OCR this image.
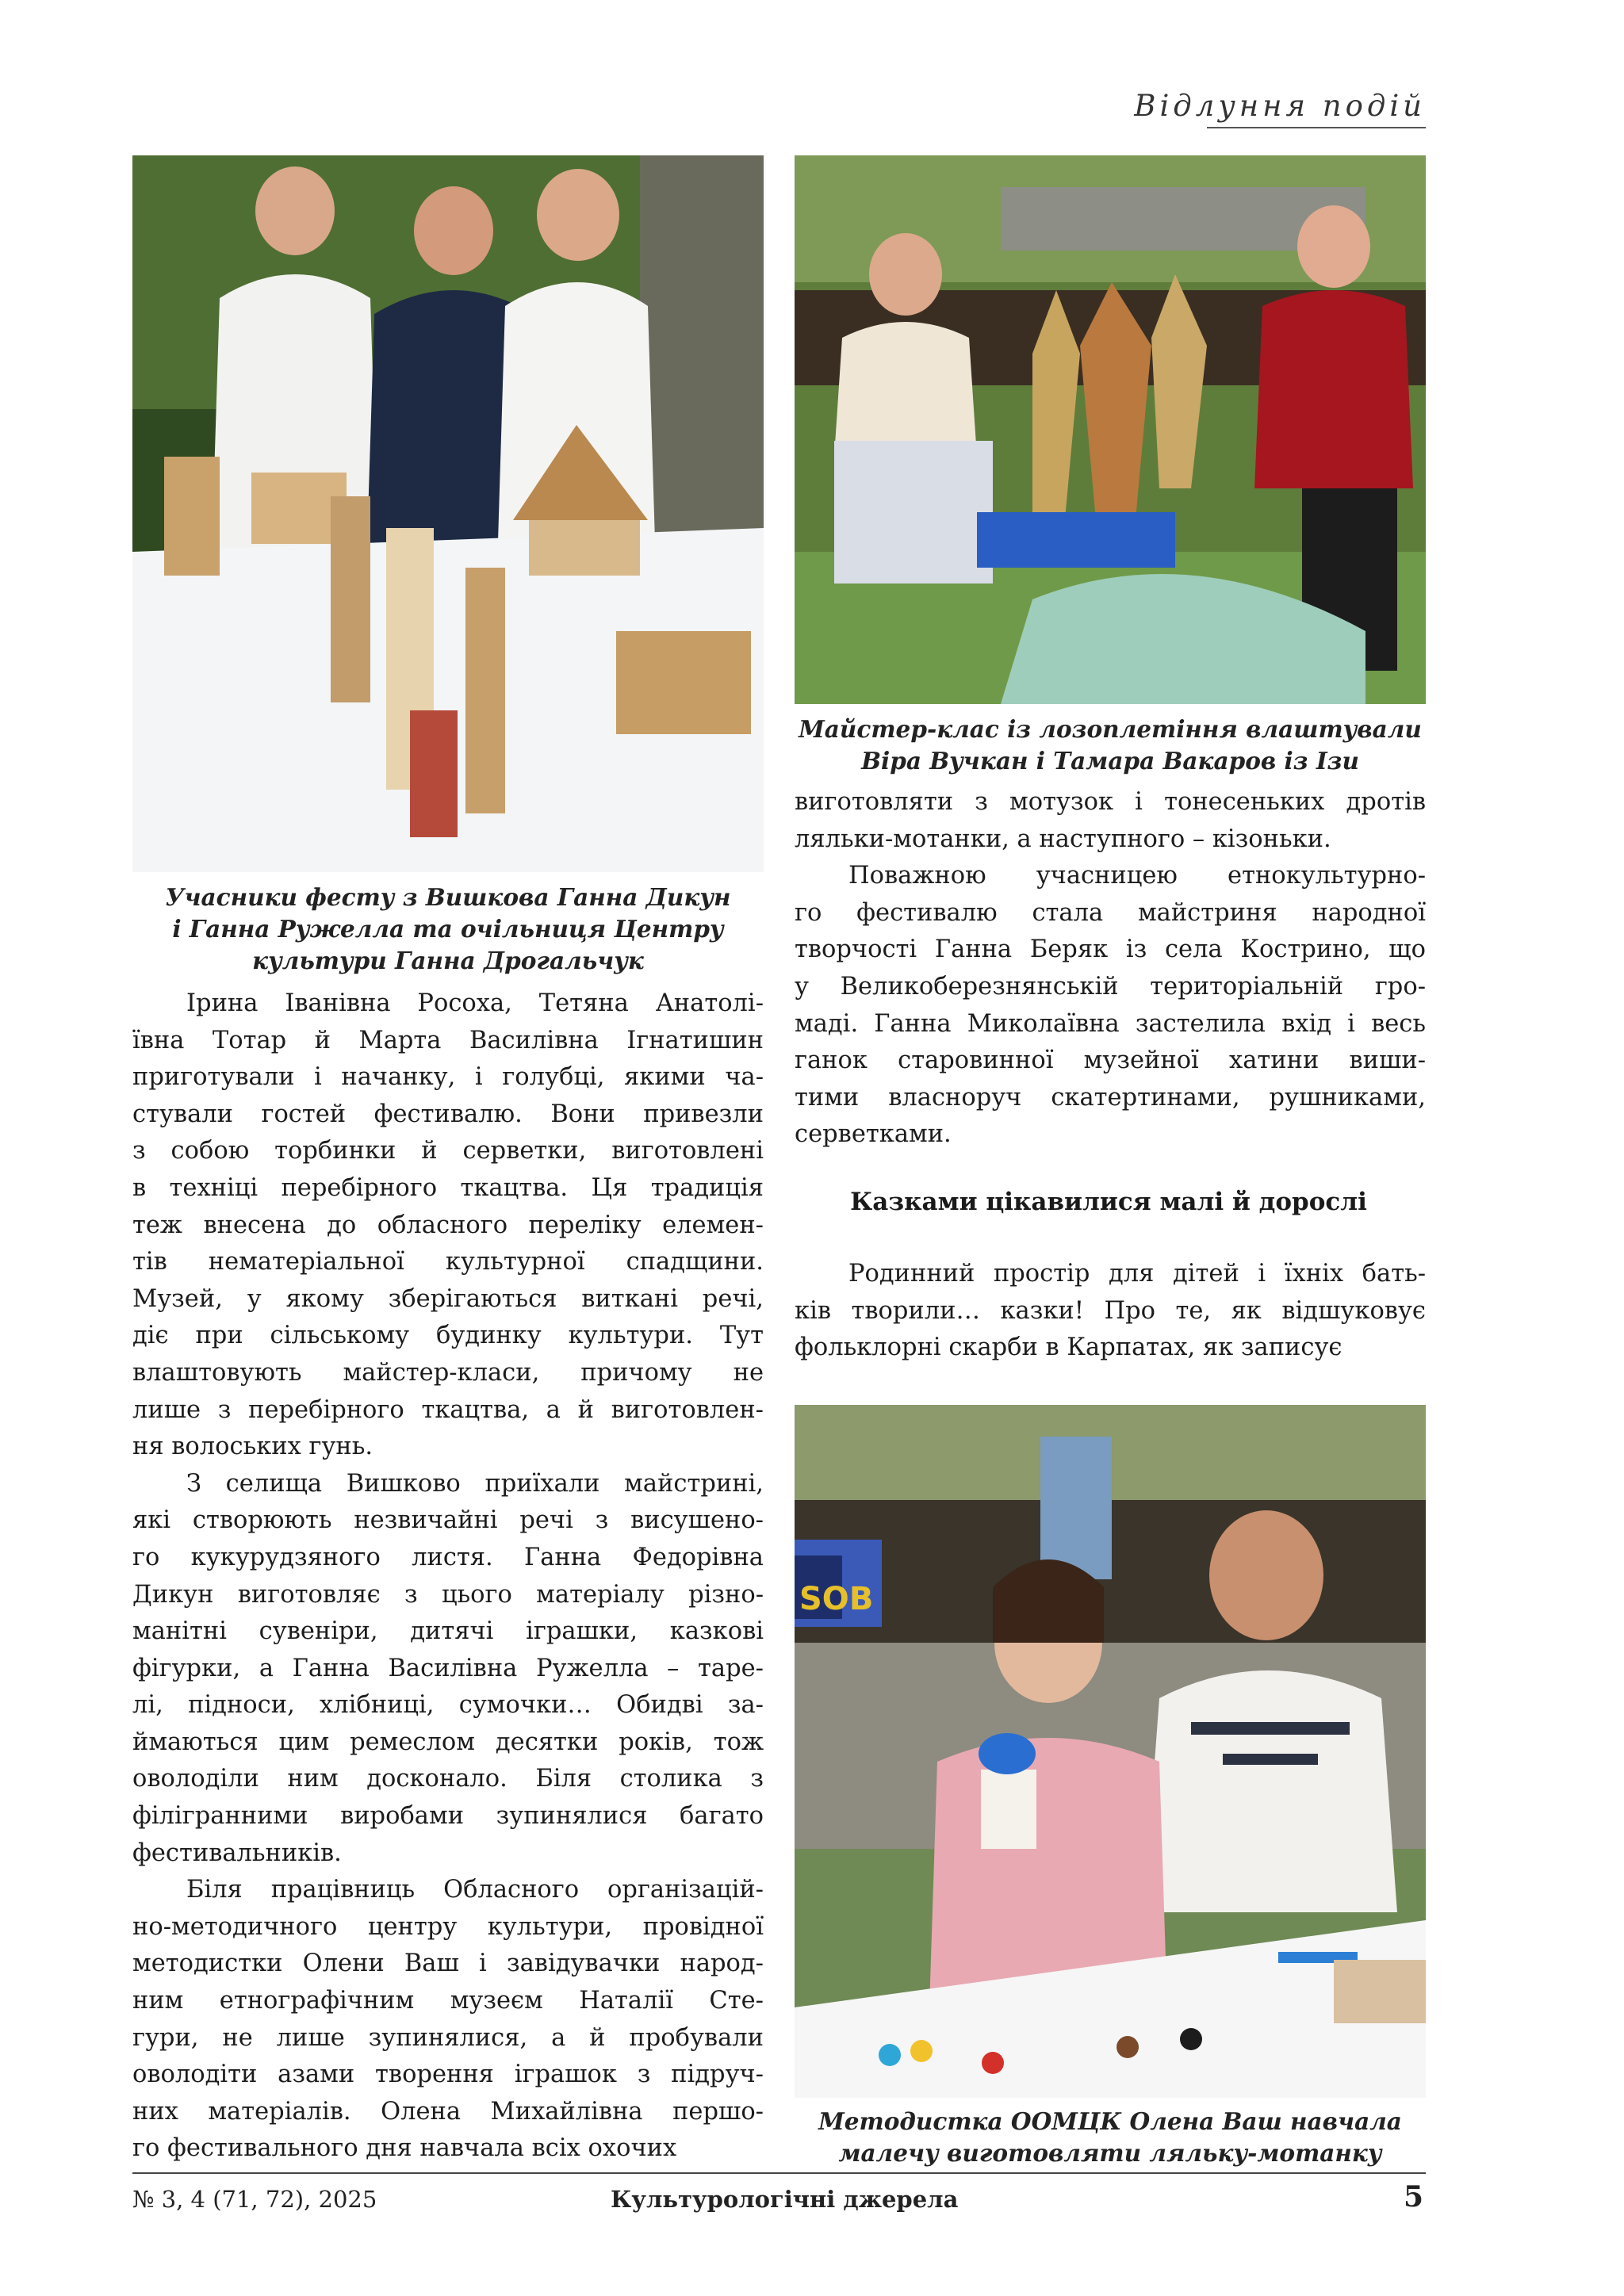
Відлуння подій
SOB
Учасники фесту з Вишкова Ганна Дикун
і Ганна Ружелла та очільниця Центру
культури Ганна Дрогальчук
Майстер-клас із лозоплетіння влаштували
Віра Вучкан і Тамара Вакаров із Ізи
Методистка ООМЦК Олена Ваш навчала
малечу виготовляти ляльку-мотанку

Ірина Іванівна Росоха, Тетяна Анатолі-

ївна Тотар й Марта Василівна Ігнатишин

приготували і начанку, і голубці, якими ча-

стували гостей фестивалю. Вони привезли

з собою торбинки й серветки, виготовлені

в техніці перебірного ткацтва. Ця традиція

теж внесена до обласного переліку елемен-

тів нематеріальної культурної спадщини.

Музей, у якому зберігаються виткані речі,

діє при сільському будинку культури. Тут

влаштовують майстер-класи, причому не

лише з перебірного ткацтва, а й виготовлен-

ня волоських гунь.

З селища Вишково приїхали майстрині,

які створюють незвичайні речі з висушено-

го кукурудзяного листя. Ганна Федорівна

Дикун виготовляє з цього матеріалу різно-

манітні сувеніри, дитячі іграшки, казкові

фігурки, а Ганна Василівна Ружелла – таре-

лі, підноси, хлібниці, сумочки… Обидві за-

ймаються цим ремеслом десятки років, тож

оволоділи ним досконало. Біля столика з

філігранними виробами зупинялися багато

фестивальників.

Біля працівниць Обласного організацій-

но-методичного центру культури, провідної

методистки Олени Ваш і завідувачки народ-

ним етнографічним музеєм Наталії Сте-

гури, не лише зупинялися, а й пробували

оволодіти азами творення іграшок з підруч-

них матеріалів. Олена Михайлівна першо-

го фестивального дня навчала всіх охочих

виготовляти з мотузок і тонесеньких дротів

ляльки-мотанки, а наступного – кізоньки.

Поважною учасницею етнокультурно-

го фестивалю стала майстриня народної

творчості Ганна Беряк із села Кострино, що

у Великоберезнянській територіальній гро-

маді. Ганна Миколаївна застелила вхід і весь

ганок старовинної музейної хатини виши-

тими власноруч скатертинами, рушниками,

серветками.

Казками цікавилися малі й дорослі

Родинний простір для дітей і їхніх бать-

ків творили… казки! Про те, як відшуковує

фольклорні скарби в Карпатах, як записує

№ 3, 4 (71, 72), 2025	Культурологічні джерела	5
